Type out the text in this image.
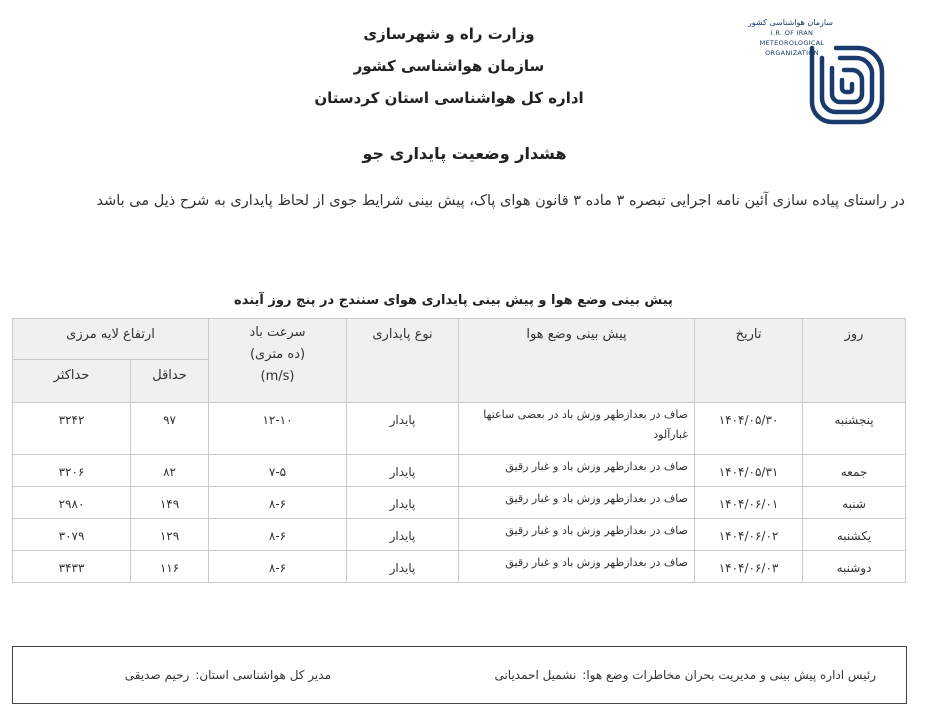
سازمان هواشناسی کشور
I.R. OF IRAN
METEOROLOGICAL
ORGANIZATION
وزارت راه و شهرسازی
سازمان هواشناسی کشور
اداره کل هواشناسی استان کردستان
هشدار وضعیت پایداری جو
در راستای پیاده سازی آئین نامه اجرایی تبصره ۳ ماده ۳ قانون هوای پاک، پیش بینی شرایط جوی از لحاظ پایداری به شرح ذیل می باشد
پیش بینی وضع هوا و پیش بینی پایداری هوای سنندج در پنج روز آینده
روز	تاریخ	پیش بینی وضع هوا	نوع پایداری	سرعت باد
(ده متری)
(m/s)	ارتفاع لایه مرزی	
					حداقل	حداکثر
پنجشنبه	۱۴۰۴/۰۵/۳۰	صاف در بعدازظهر وزش باد در بعضی ساعتها غبارآلود	پایدار	۱۲-۱۰	۹۷	۳۲۴۲
جمعه	۱۴۰۴/۰۵/۳۱	صاف در بعدازظهر وزش باد و غبار رقیق	پایدار	۷-۵	۸۲	۳۲۰۶
شنبه	۱۴۰۴/۰۶/۰۱	صاف در بعدازظهر وزش باد و غبار رقیق	پایدار	۸-۶	۱۴۹	۲۹۸۰
یکشنبه	۱۴۰۴/۰۶/۰۲	صاف در بعدازظهر وزش باد و غبار رقیق	پایدار	۸-۶	۱۲۹	۳۰۷۹
دوشنبه	۱۴۰۴/۰۶/۰۳	صاف در بعدازظهر وزش باد و غبار رقیق	پایدار	۸-۶	۱۱۶	۳۴۳۳
رئیس اداره پیش بینی و مدیریت بحران مخاطرات وضع هوا:نشمیل احمدیانی
مدیر کل هواشناسی استان:رحیم صدیقی
